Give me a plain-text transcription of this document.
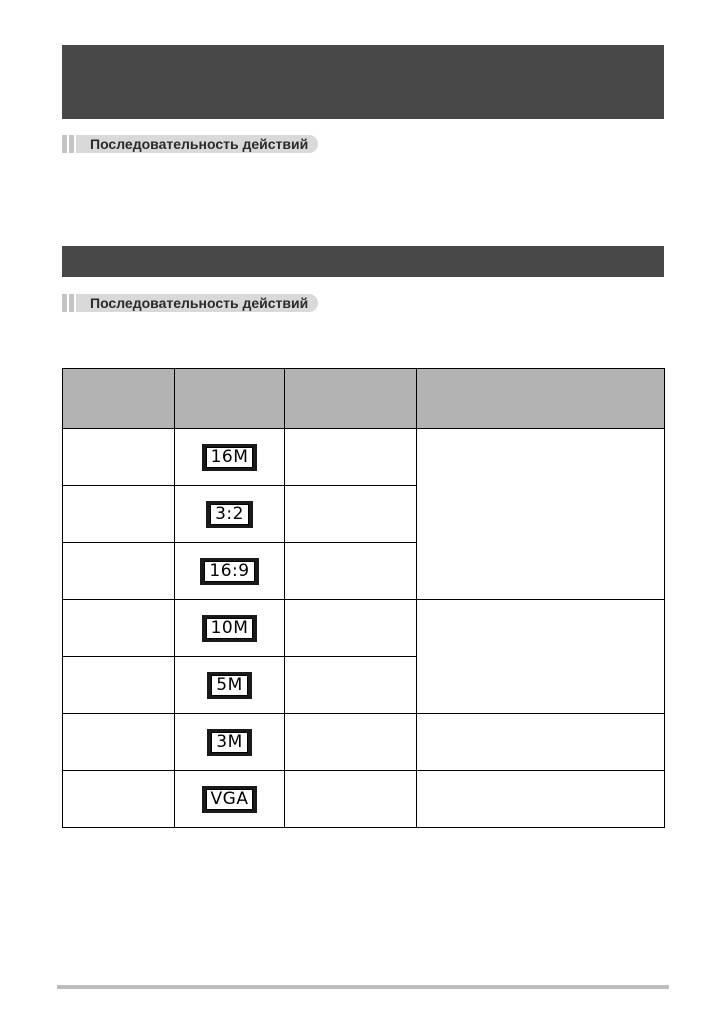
Последовательность действий
Последовательность действий

	16M		
	3:2		
	16:9		
	10M		
	5M		
	3M		
	VGA		
